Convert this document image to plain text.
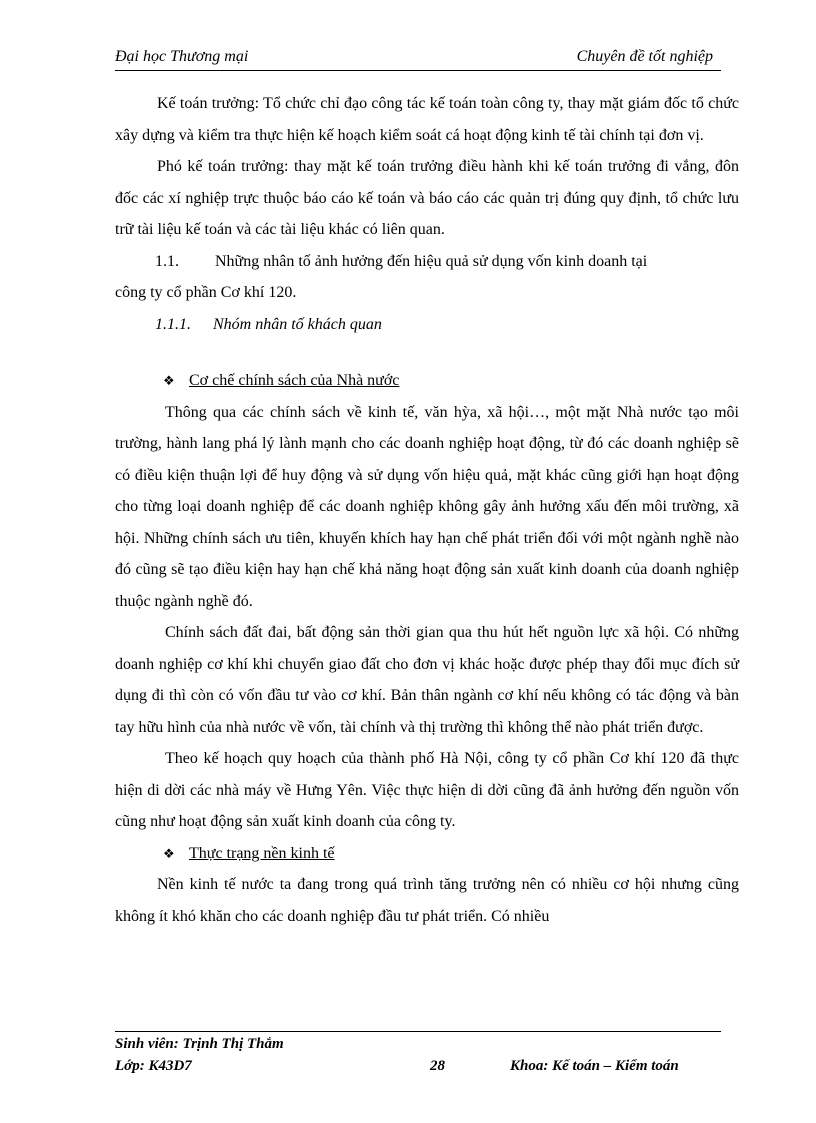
Đại học Thương mại	Chuyên đề tốt nghiệp

Kế toán trưởng: Tổ chức chỉ đạo công tác kế toán toàn công ty, thay mặt giám đốc tổ chức xây dựng và kiểm tra thực hiện kế hoạch kiểm soát cá hoạt động kinh tế tài chính tại đơn vị.

Phó kế toán trưởng: thay mặt kế toán trưởng điều hành khi kế toán trưởng đi vắng, đôn đốc các xí nghiệp trực thuộc báo cáo kế toán và báo cáo các quản trị đúng quy định, tổ chức lưu trữ tài liệu kế toán và các tài liệu khác có liên quan.

1.1. Những nhân tố ảnh hưởng đến hiệu quả sử dụng vốn kinh doanh tại

công ty cổ phần Cơ khí 120.

1.1.1. Nhóm nhân tố khách quan

❖ Cơ chế chính sách của Nhà nước

Thông qua các chính sách về kinh tế, văn hỳa, xã hội…, một mặt Nhà nước tạo môi trường, hành lang phá lý lành mạnh cho các doanh nghiệp hoạt động, từ đó các doanh nghiệp sẽ có điều kiện thuận lợi để huy động và sử dụng vốn hiệu quả, mặt khác cũng giới hạn hoạt động cho từng loại doanh nghiệp để các doanh nghiệp không gây ảnh hưởng xấu đến môi trường, xã hội. Những chính sách ưu tiên, khuyến khích hay hạn chế phát triển đối với một ngành nghề nào đó cũng sẽ tạo điều kiện hay hạn chế khả năng hoạt động sản xuất kinh doanh của doanh nghiệp thuộc ngành nghề đó.

Chính sách đất đai, bất động sản thời gian qua thu hút hết nguồn lực xã hội. Có những doanh nghiệp cơ khí khi chuyển giao đất cho đơn vị khác hoặc được phép thay đổi mục đích sử dụng đi thì còn có vốn đầu tư vào cơ khí. Bản thân ngành cơ khí nếu không có tác động và bàn tay hữu hình của nhà nước về vốn, tài chính và thị trường thì không thể nào phát triển được.

Theo kế hoạch quy hoạch của thành phố Hà Nội, công ty cổ phần Cơ khí 120 đã thực hiện di dời các nhà máy về Hưng Yên. Việc thực hiện di dời cũng đã ảnh hưởng đến nguồn vốn cũng như hoạt động sản xuất kinh doanh của công ty.

❖ Thực trạng nền kinh tế

Nền kinh tế nước ta đang trong quá trình tăng trưởng nên có nhiều cơ hội nhưng cũng không ít khó khăn cho các doanh nghiệp đầu tư phát triển. Có nhiều

Sinh viên: Trịnh Thị Thắm
Lớp: K43D7	28	Khoa: Kế toán – Kiểm toán
